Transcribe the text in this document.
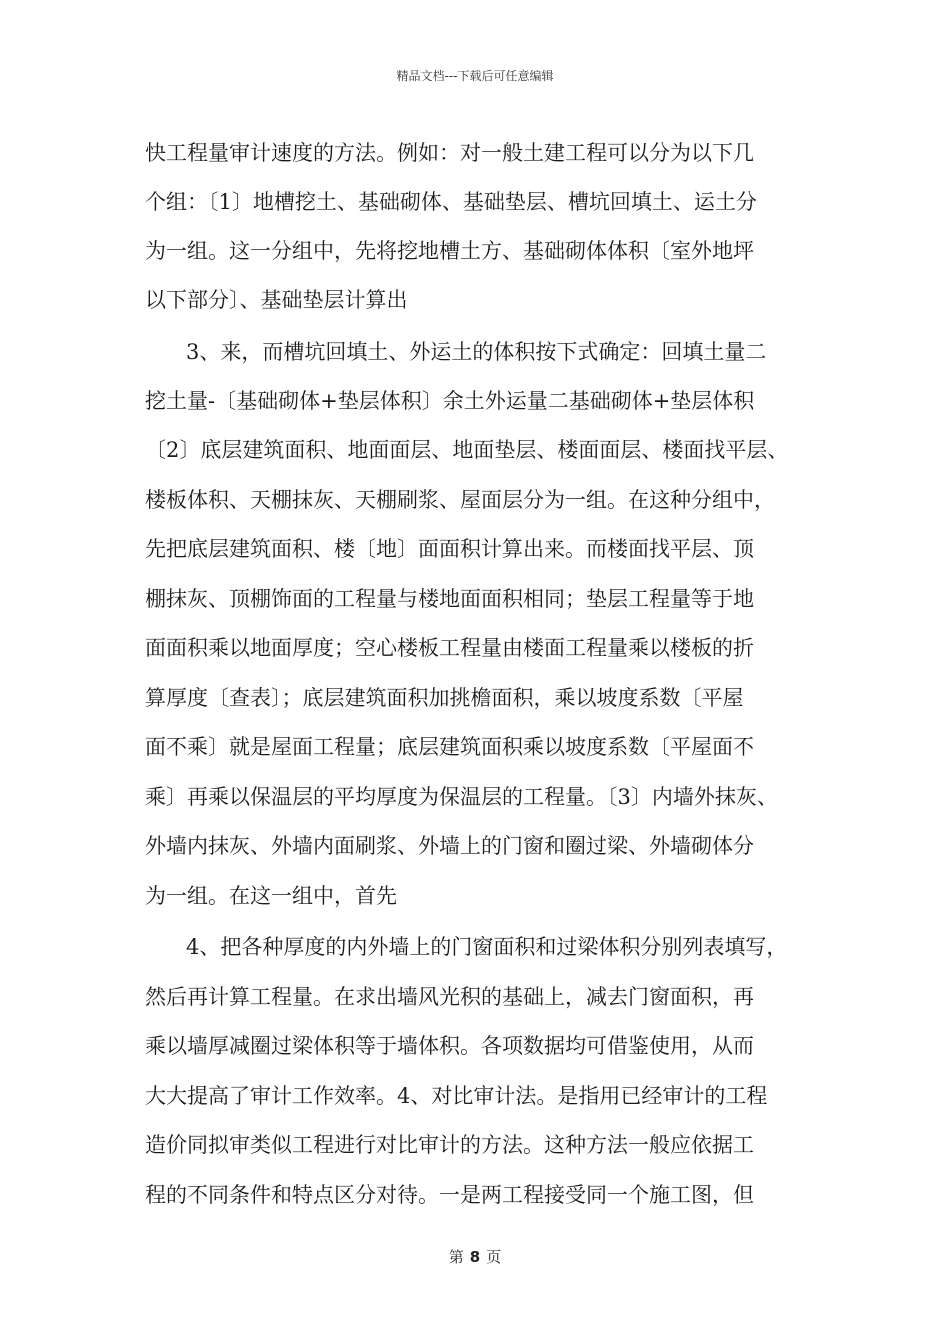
精品文档---下载后可任意编辑
快工程量审计速度的方法。例如：对一般土建工程可以分为以下几
个组：〔1〕地槽挖土、基础砌体、基础垫层、槽坑回填土、运土分
为一组。这一分组中，先将挖地槽土方、基础砌体体积〔室外地坪
以下部分〕、基础垫层计算出
3、来，而槽坑回填土、外运土的体积按下式确定：回填土量二
挖土量-〔基础砌体+垫层体积〕余土外运量二基础砌体+垫层体积
〔2〕底层建筑面积、地面面层、地面垫层、楼面面层、楼面找平层、
楼板体积、天棚抹灰、天棚刷浆、屋面层分为一组。在这种分组中，
先把底层建筑面积、楼〔地〕面面积计算出来。而楼面找平层、顶
棚抹灰、顶棚饰面的工程量与楼地面面积相同；垫层工程量等于地
面面积乘以地面厚度；空心楼板工程量由楼面工程量乘以楼板的折
算厚度〔查表〕；底层建筑面积加挑檐面积，乘以坡度系数〔平屋
面不乘〕就是屋面工程量；底层建筑面积乘以坡度系数〔平屋面不
乘〕再乘以保温层的平均厚度为保温层的工程量。〔3〕内墙外抹灰、
外墙内抹灰、外墙内面刷浆、外墙上的门窗和圈过梁、外墙砌体分
为一组。在这一组中，首先
4、把各种厚度的内外墙上的门窗面积和过梁体积分别列表填写，
然后再计算工程量。在求出墙风光积的基础上，减去门窗面积，再
乘以墙厚减圈过梁体积等于墙体积。各项数据均可借鉴使用，从而
大大提高了审计工作效率。4、对比审计法。是指用已经审计的工程
造价同拟审类似工程进行对比审计的方法。这种方法一般应依据工
程的不同条件和特点区分对待。一是两工程接受同一个施工图，但
第 8 页
